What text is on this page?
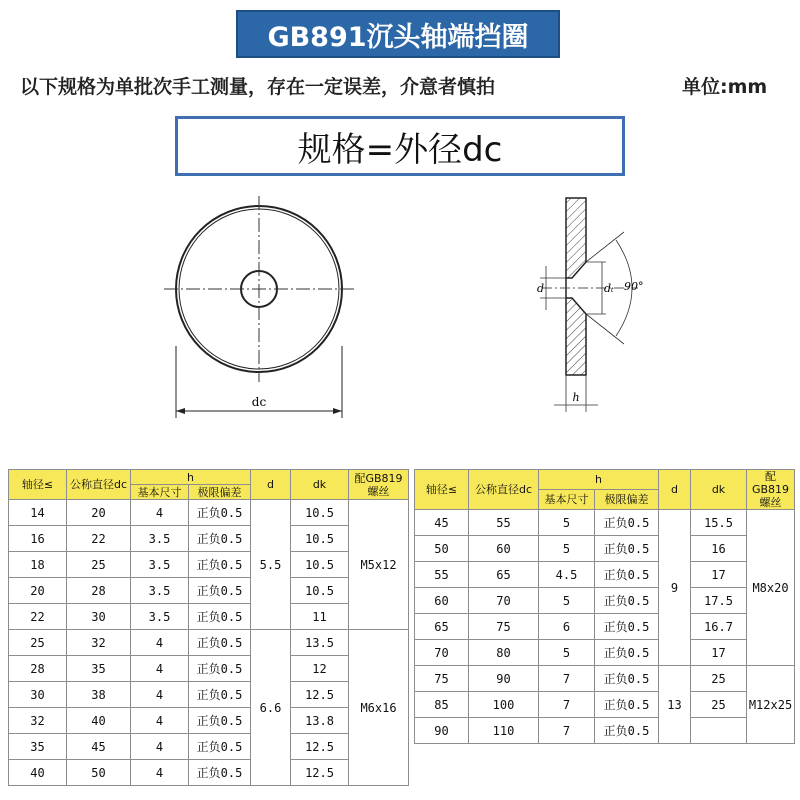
GB891沉头轴端挡圈
以下规格为单批次手工测量，存在一定误差，介意者慎拍	单位:mm
规格=外径dc
dc
d	dₜ 90°
h
轴径≤	公称直径dc	h		d	dk	配GB819螺丝
		基本尺寸	极限偏差			
14	20	4	正负0.5	5.5	10.5	M5x12
16	22	3.5	正负0.5		10.5	
18	25	3.5	正负0.5		10.5	
20	28	3.5	正负0.5		10.5	
22	30	3.5	正负0.5		11	
25	32	4	正负0.5	6.6	13.5	M6x16
28	35	4	正负0.5		12	
30	38	4	正负0.5		12.5	
32	40	4	正负0.5		13.8	
35	45	4	正负0.5		12.5	
40	50	4	正负0.5		12.5	
轴径≤	公称直径dc	h		d	dk	配GB819螺丝
		基本尺寸	极限偏差			
45	55	5	正负0.5	9	15.5	M8x20
50	60	5	正负0.5		16	
55	65	4.5	正负0.5		17	
60	70	5	正负0.5		17.5	
65	75	6	正负0.5		16.7	
70	80	5	正负0.5		17	
75	90	7	正负0.5	13	25	M12x25
85	100	7	正负0.5		25	
90	110	7	正负0.5			
